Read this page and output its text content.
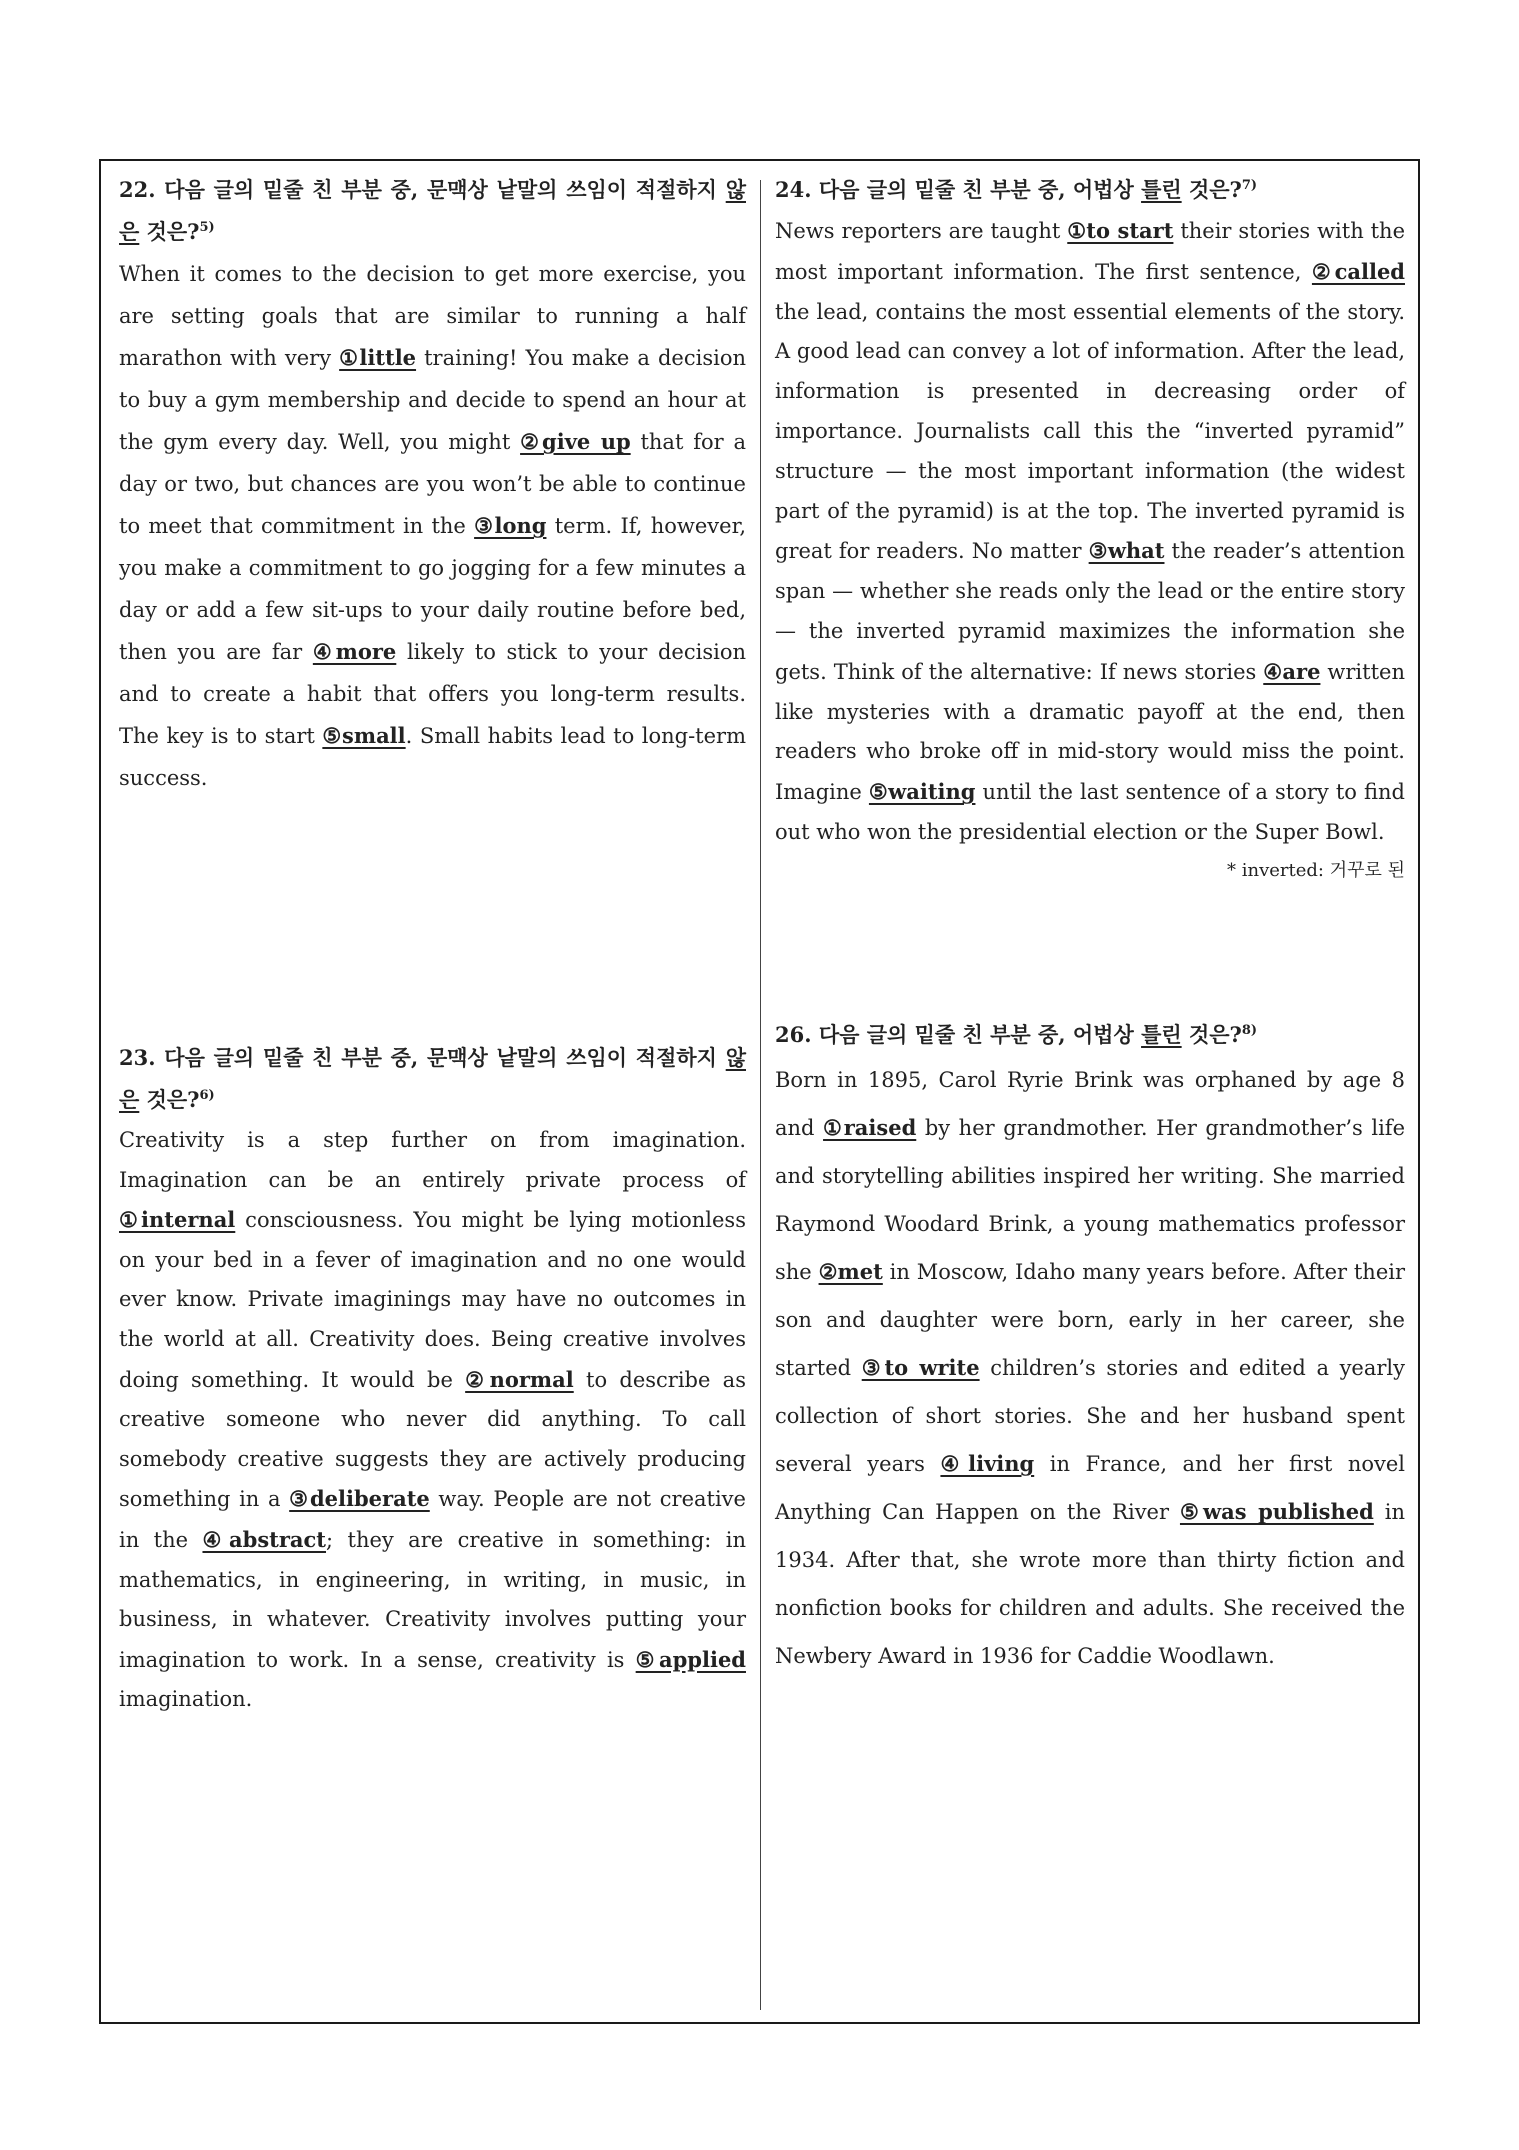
22. 다음 글의 밑줄 친 부분 중, 문맥상 낱말의 쓰임이 적절하지 않은 것은?$^{5)}$

When it comes to the decision to get more exercise, you are setting goals that are similar to running a half marathon with very ①little training! You make a decision to buy a gym membership and decide to spend an hour at the gym every day. Well, you might ②give up that for a day or two, but chances are you won’t be able to continue to meet that commitment in the ③long term. If, however, you make a commitment to go jogging for a few minutes a day or add a few sit-ups to your daily routine before bed, then you are far ④more likely to stick to your decision and to create a habit that offers you long-term results. The key is to start ⑤small. Small habits lead to long-term success.

23. 다음 글의 밑줄 친 부분 중, 문맥상 낱말의 쓰임이 적절하지 않은 것은?$^{6)}$

Creativity is a step further on from imagination. Imagination can be an entirely private process of ①internal consciousness. You might be lying motionless on your bed in a fever of imagination and no one would ever know. Private imaginings may have no outcomes in the world at all. Creativity does. Being creative involves doing something. It would be ②normal to describe as creative someone who never did anything. To call somebody creative suggests they are actively producing something in a ③deliberate way. People are not creative in the ④abstract; they are creative in something: in mathematics, in engineering, in writing, in music, in business, in whatever. Creativity involves putting your imagination to work. In a sense, creativity is ⑤applied imagination.

24. 다음 글의 밑줄 친 부분 중, 어법상 틀린 것은?$^{7)}$

News reporters are taught ①to start their stories with the most important information. The first sentence, ②called the lead, contains the most essential elements of the story. A good lead can convey a lot of information. After the lead, information is presented in decreasing order of importance. Journalists call this the “inverted pyramid” structure — the most important information (the widest part of the pyramid) is at the top. The inverted pyramid is great for readers. No matter ③what the reader’s attention span — whether she reads only the lead or the entire story — the inverted pyramid maximizes the information she gets. Think of the alternative: If news stories ④are written like mysteries with a dramatic payoff at the end, then readers who broke off in mid-story would miss the point. Imagine ⑤waiting until the last sentence of a story to find out who won the presidential election or the Super Bowl.

* inverted: 거꾸로 된

26. 다음 글의 밑줄 친 부분 중, 어법상 틀린 것은?$^{8)}$

Born in 1895, Carol Ryrie Brink was orphaned by age 8 and ①raised by her grandmother. Her grandmother’s life and storytelling abilities inspired her writing. She married Raymond Woodard Brink, a young mathematics professor she ②met in Moscow, Idaho many years before. After their son and daughter were born, early in her career, she started ③to write children’s stories and edited a yearly collection of short stories. She and her husband spent several years ④living in France, and her first novel Anything Can Happen on the River ⑤was published in 1934. After that, she wrote more than thirty fiction and nonfiction books for children and adults. She received the Newbery Award in 1936 for Caddie Woodlawn.
